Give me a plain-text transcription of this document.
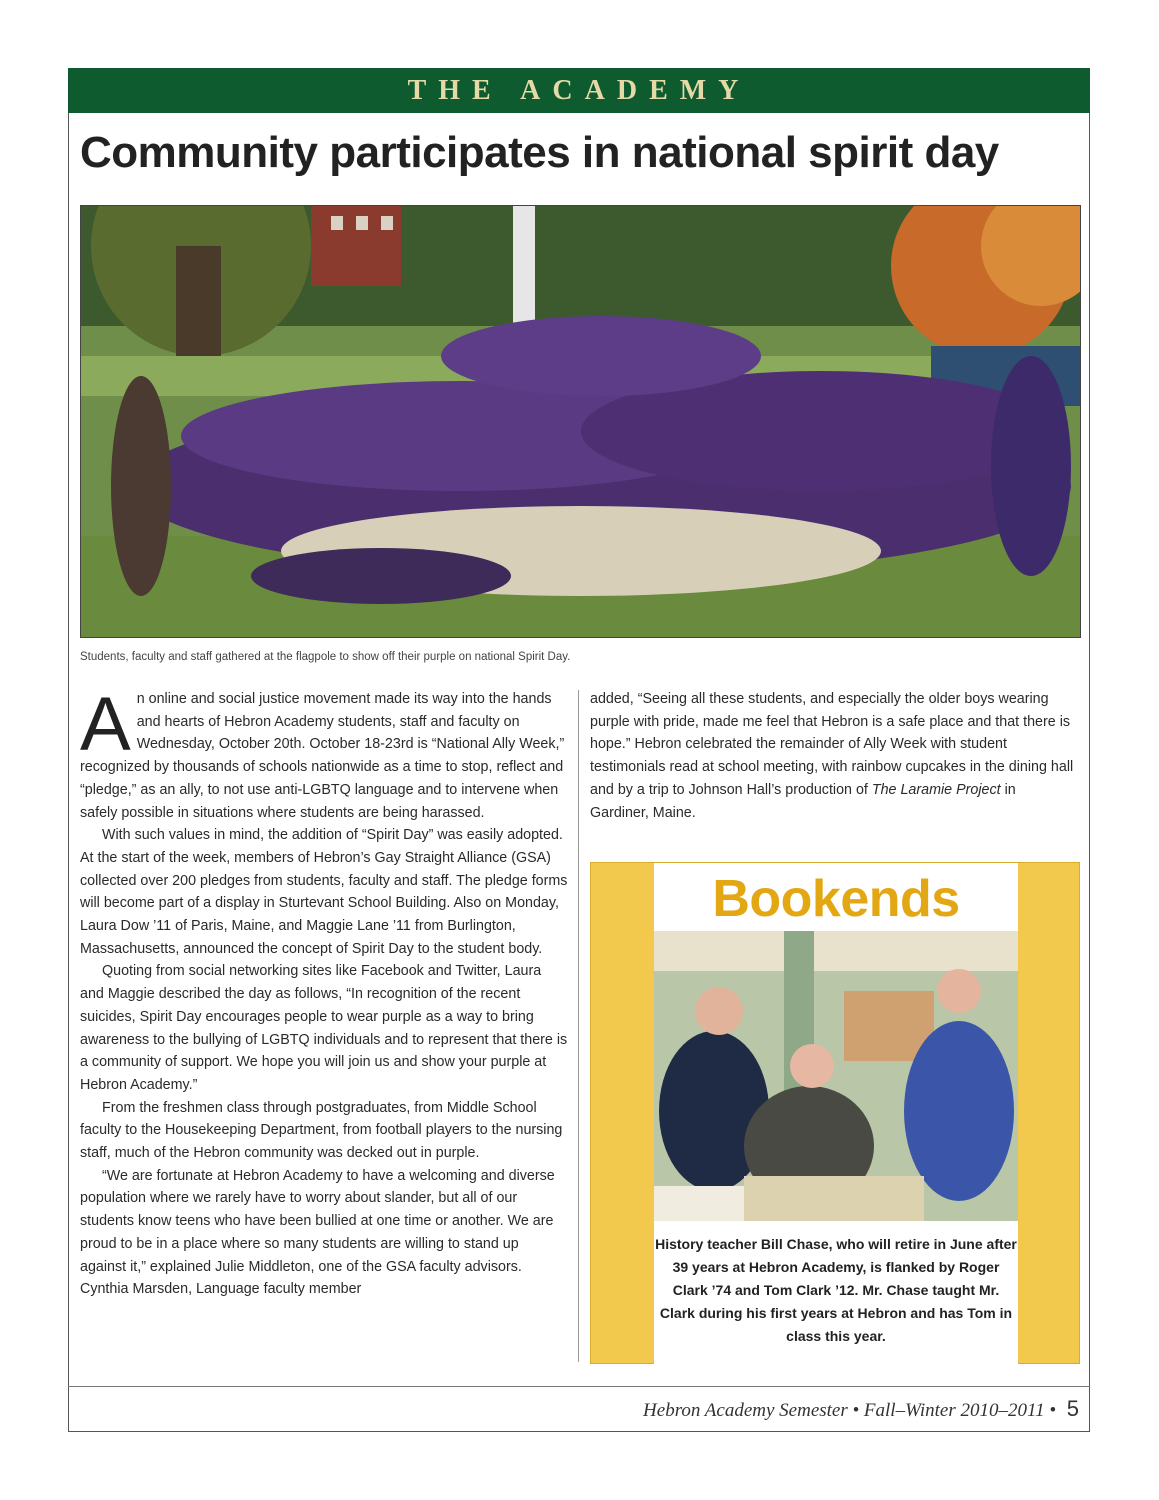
THE ACADEMY
Community participates in national spirit day
Students, faculty and staff gathered at the flagpole to show off their purple on national Spirit Day.

An online and social justice movement made its way into the hands and hearts of Hebron Academy students, staff and faculty on Wednesday, October 20th. October 18-23rd is “National Ally Week,” recognized by thousands of schools nationwide as a time to stop, reflect and “pledge,” as an ally, to not use anti-LGBTQ language and to intervene when safely possible in situations where students are being harassed.

With such values in mind, the addition of “Spirit Day” was easily adopted. At the start of the week, members of Hebron’s Gay Straight Alliance (GSA) collected over 200 pledges from students, faculty and staff. The pledge forms will become part of a display in Sturtevant School Building. Also on Monday, Laura Dow ’11 of Paris, Maine, and Maggie Lane ’11 from Burlington, Massachusetts, announced the concept of Spirit Day to the student body.

Quoting from social networking sites like Facebook and Twitter, Laura and Maggie described the day as follows, “In recognition of the recent suicides, Spirit Day encourages people to wear purple as a way to bring awareness to the bullying of LGBTQ individuals and to represent that there is a community of support. We hope you will join us and show your purple at Hebron Academy.”

From the freshmen class through postgraduates, from Middle School faculty to the Housekeeping Department, from football players to the nursing staff, much of the Hebron community was decked out in purple.

“We are fortunate at Hebron Academy to have a welcoming and diverse population where we rarely have to worry about slander, but all of our students know teens who have been bullied at one time or another. We are proud to be in a place where so many students are willing to stand up against it,” explained Julie Middleton, one of the GSA faculty advisors. Cynthia Marsden, Language faculty member

added, “Seeing all these students, and especially the older boys wearing purple with pride, made me feel that Hebron is a safe place and that there is hope.” Hebron celebrated the remainder of Ally Week with student testimonials read at school meeting, with rainbow cupcakes in the dining hall and by a trip to Johnson Hall’s production of The Laramie Project in Gardiner, Maine.

Bookends
History teacher Bill Chase, who will retire in June after 39 years at Hebron Academy, is flanked by Roger Clark ’74 and Tom Clark ’12. Mr. Chase taught Mr. Clark during his first years at Hebron and has Tom in class this year.
Hebron Academy Semester • Fall–Winter 2010–2011 • 5
